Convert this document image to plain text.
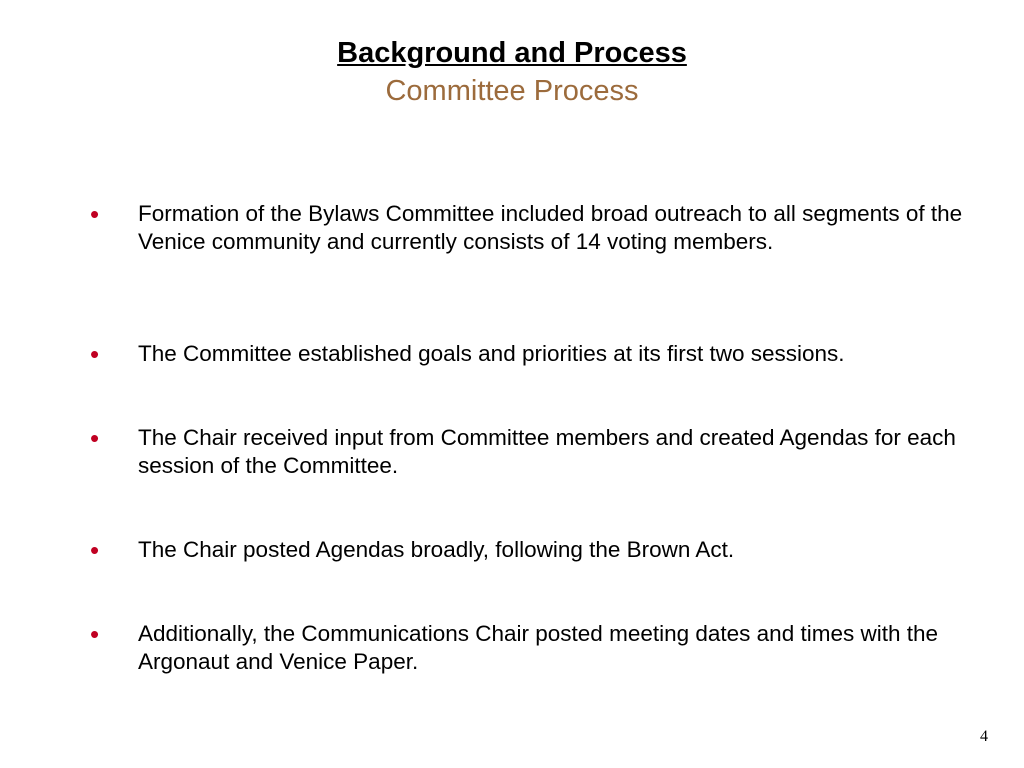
Background and Process
Committee Process
•	Formation of the Bylaws Committee included broad outreach to all segments of the Venice community and currently consists of 14 voting members.
•	The Committee established goals and priorities at its first two sessions.
•	The Chair received input from Committee members and created Agendas for each session of the Committee.
•	The Chair posted Agendas broadly, following the Brown Act.
•	Additionally, the Communications Chair posted meeting dates and times with the Argonaut and Venice Paper.
4
